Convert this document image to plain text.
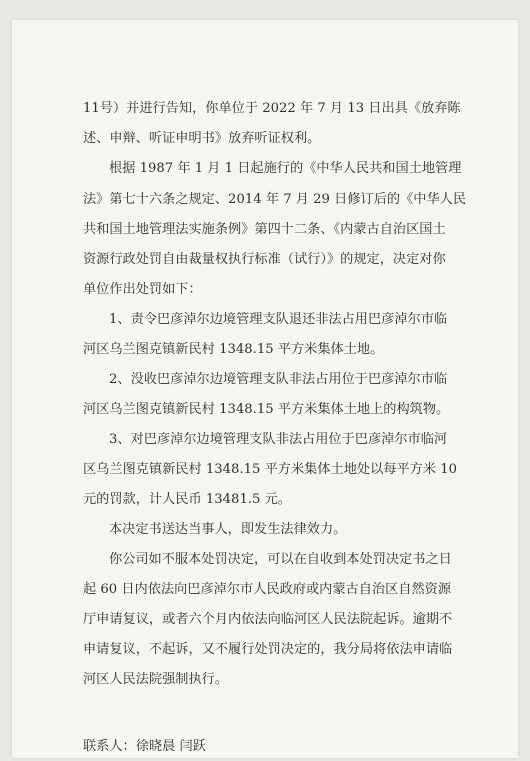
11号）并进行告知，你单位于 2022 年 7 月 13 日出具《放弃陈
述、申辩、听证申明书》放弃听证权利。
根据 1987 年 1 月 1 日起施行的《中华人民共和国土地管理
法》第七十六条之规定、2014 年 7 月 29 日修订后的《中华人民
共和国土地管理法实施条例》第四十二条、《内蒙古自治区国土
资源行政处罚自由裁量权执行标准（试行）》的规定，决定对你
单位作出处罚如下：
1、责令巴彦淖尔边境管理支队退还非法占用巴彦淖尔市临
河区乌兰图克镇新民村 1348.15 平方米集体土地。
2、没收巴彦淖尔边境管理支队非法占用位于巴彦淖尔市临
河区乌兰图克镇新民村 1348.15 平方米集体土地上的构筑物。
3、对巴彦淖尔边境管理支队非法占用位于巴彦淖尔市临河
区乌兰图克镇新民村 1348.15 平方米集体土地处以每平方米 10
元的罚款，计人民币 13481.5 元。
本决定书送达当事人，即发生法律效力。
你公司如不服本处罚决定，可以在自收到本处罚决定书之日
起 60 日内依法向巴彦淖尔市人民政府或内蒙古自治区自然资源
厅申请复议，或者六个月内依法向临河区人民法院起诉。逾期不
申请复议，不起诉，又不履行处罚决定的，我分局将依法申请临
河区人民法院强制执行。
联系人：徐晓晨 闫跃
